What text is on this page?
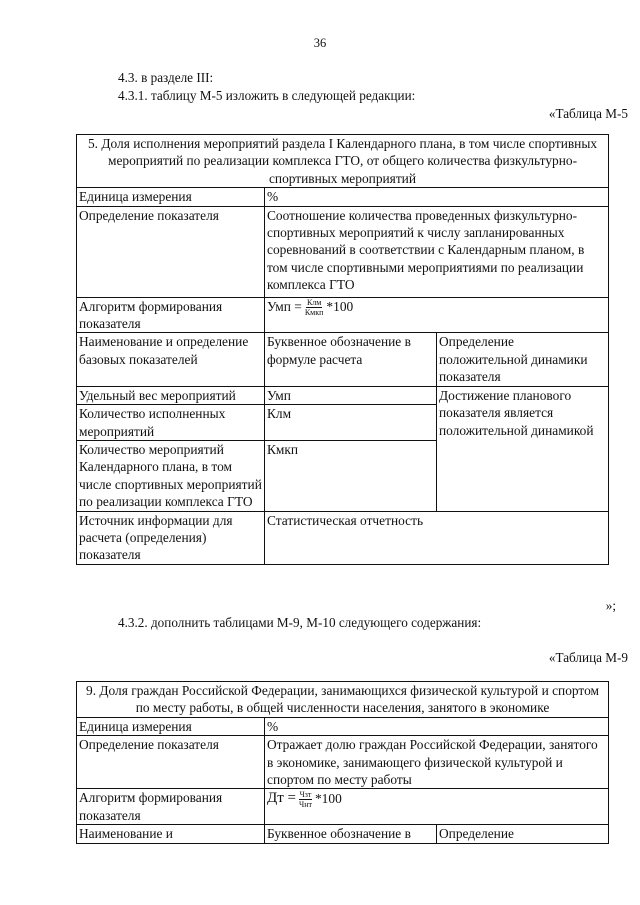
36
4.3. в разделе III:
4.3.1. таблицу М-5 изложить в следующей редакции:
«Таблица М-5
5. Доля исполнения мероприятий раздела I Календарного плана, в том числе спортивных мероприятий по реализации комплекса ГТО, от общего количества физкультурно-спортивных мероприятий		
Единица измерения	%	
Определение показателя	Соотношение количества проведенных физкультурно-спортивных мероприятий к числу запланированных соревнований в соответствии с Календарным планом, в том числе спортивными мероприятиями по реализации комплекса ГТО	
Алгоритм формирования показателя	Умп = $\frac{\text{Клм}}{\text{Кмкп}} *100$	

Наименование и определение базовых показателей	Буквенное обозначение в формуле расчета	Определение положительной динамики показателя
Удельный вес мероприятий	Умп	Достижение планового показателя является положительной динамикой
Количество исполненных мероприятий	Клм	
Количество мероприятий Календарного плана, в том числе спортивных мероприятий по реализации комплекса ГТО	Кмкп	
Источник информации для расчета (определения) показателя	Статистическая отчетность	
»;
4.3.2. дополнить таблицами М-9, М-10 следующего содержания:
«Таблица М-9
9. Доля граждан Российской Федерации, занимающихся физической культурой и спортом по месту работы, в общей численности населения, занятого в экономике		
Единица измерения	%	
Определение показателя	Отражает долю граждан Российской Федерации, занятого в экономике, занимающего физической культурой и спортом по месту работы	
Алгоритм формирования показателя	Дт = $\frac{\text{Чзт}}{\text{Чнт}} *100$	

Наименование и	Буквенное обозначение в	Определение
